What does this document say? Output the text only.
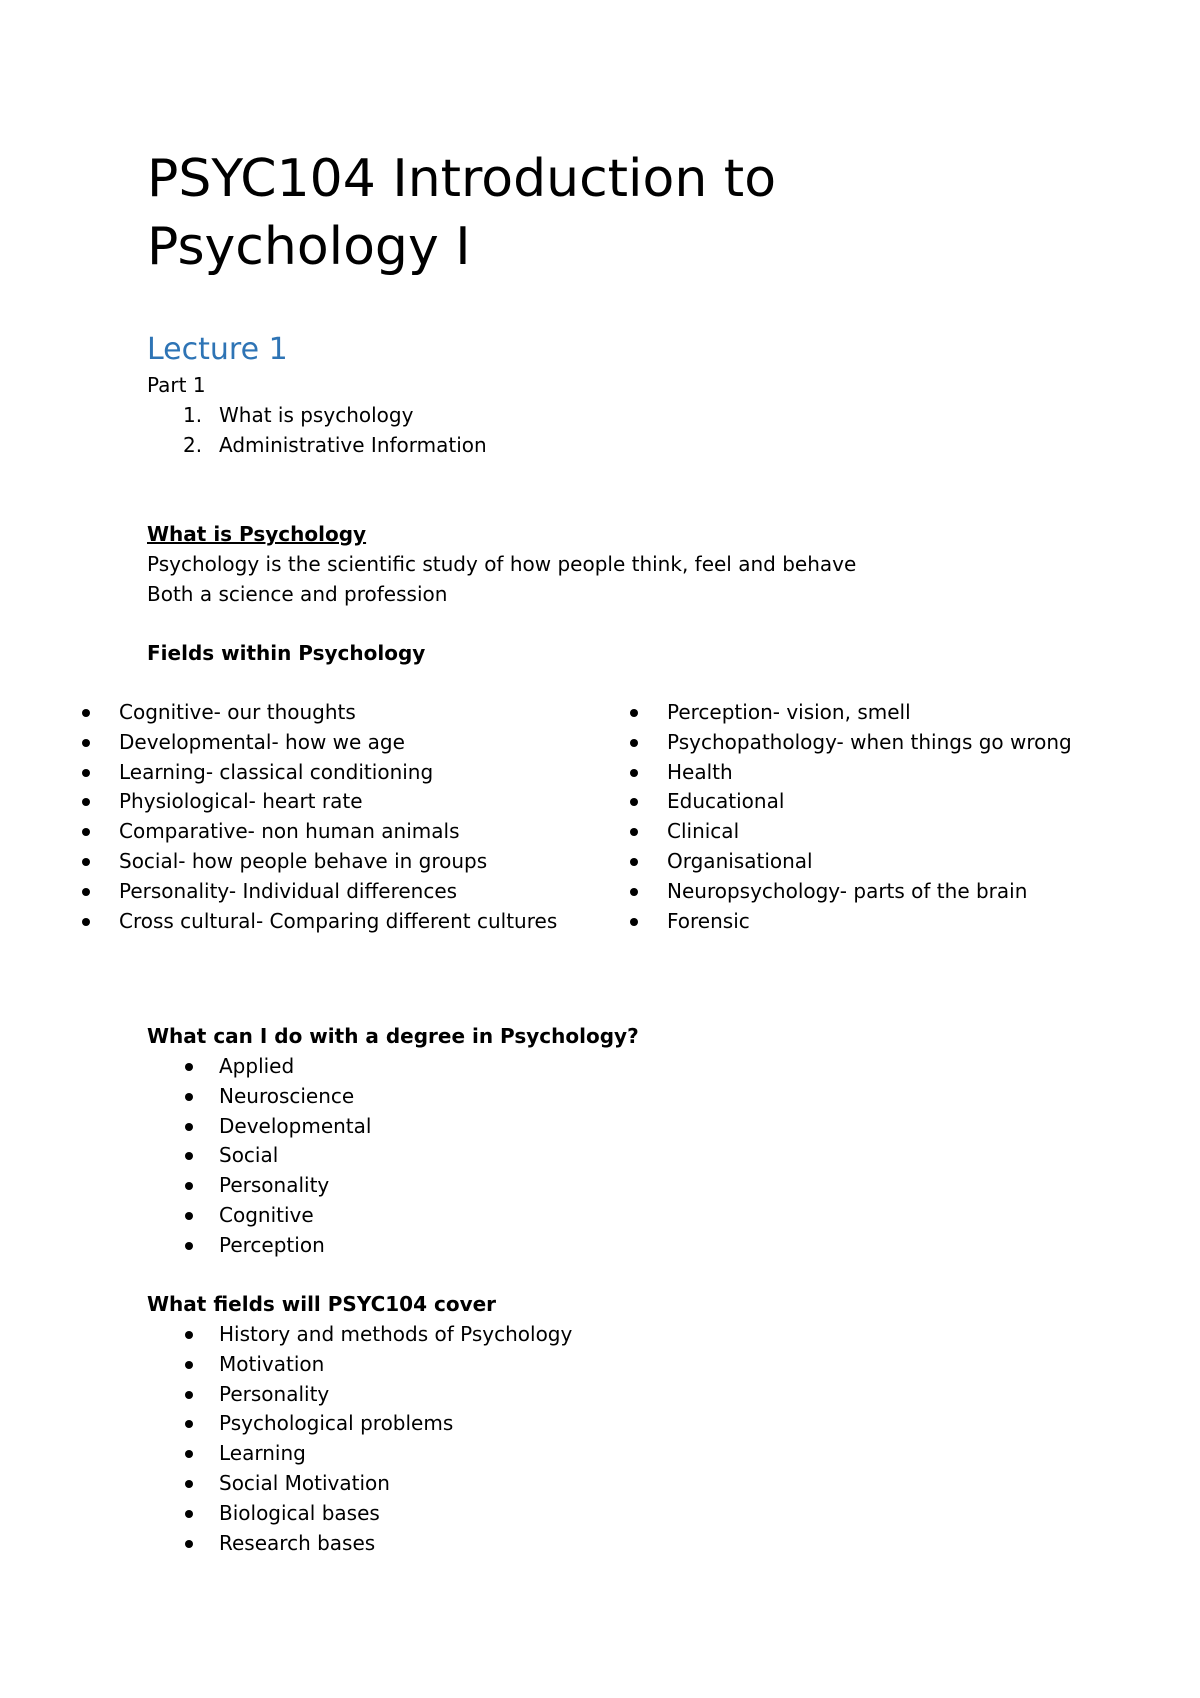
PSYC104 Introduction to Psychology I
Lecture 1

Part 1

1. What is psychology
2. Administrative Information

What is Psychology

Psychology is the scientific study of how people think, feel and behave

Both a science and profession

Fields within Psychology

Cognitive- our thoughts
Developmental- how we age
Learning- classical conditioning
Physiological- heart rate
Comparative- non human animals
Social- how people behave in groups
Personality- Individual differences
Cross cultural- Comparing different cultures
Perception- vision, smell
Psychopathology- when things go wrong
Health
Educational
Clinical
Organisational
Neuropsychology- parts of the brain
Forensic

What can I do with a degree in Psychology?

Applied
Neuroscience
Developmental
Social
Personality
Cognitive
Perception

What fields will PSYC104 cover

History and methods of Psychology
Motivation
Personality
Psychological problems
Learning
Social Motivation
Biological bases
Research bases
